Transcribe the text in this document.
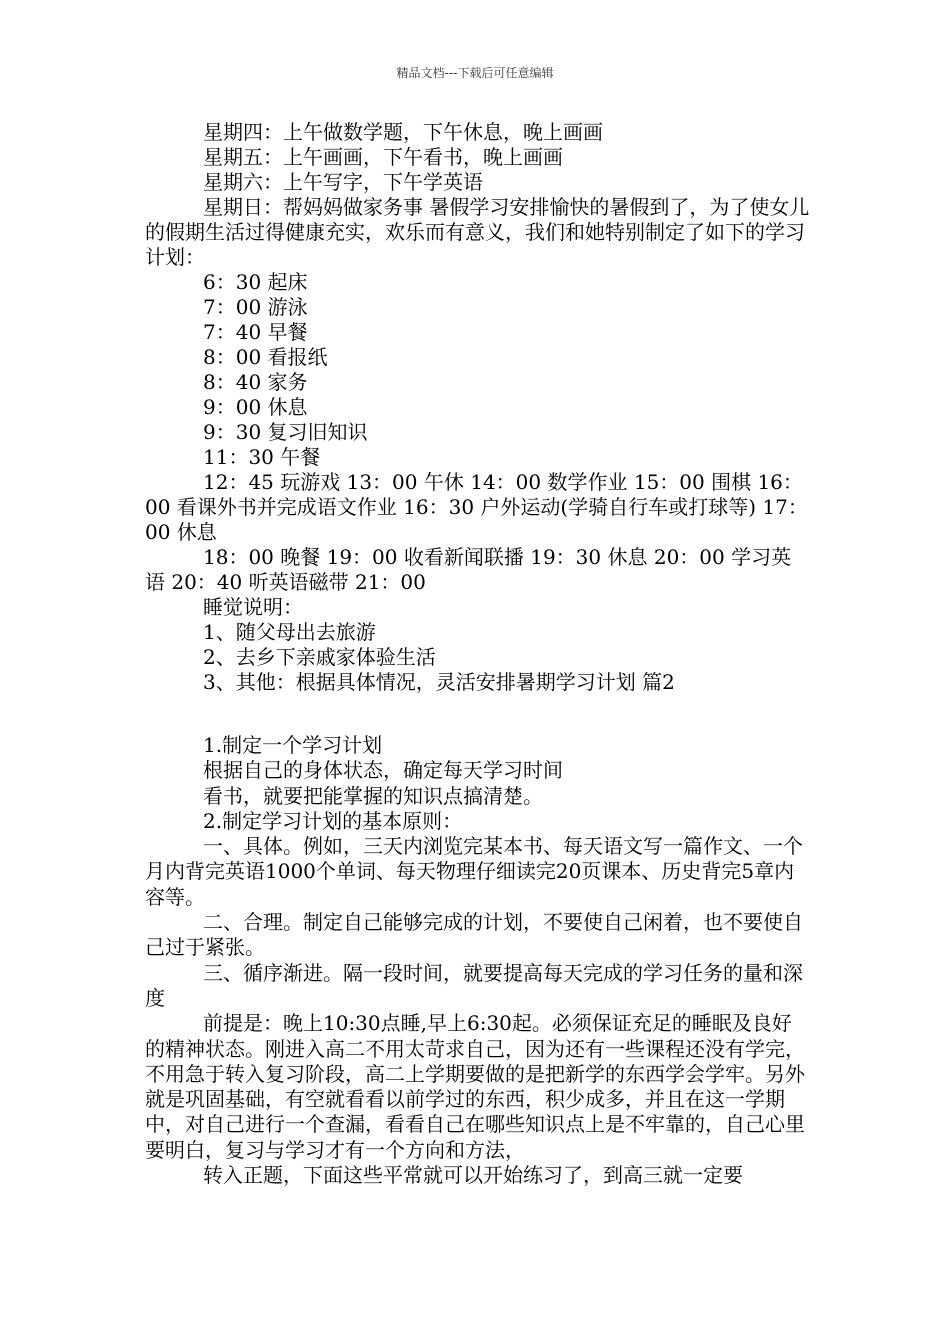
精品文档---下载后可任意编辑

星期四：上午做数学题，下午休息，晚上画画

星期五：上午画画，下午看书，晚上画画

星期六：上午写字，下午学英语

星期日：帮妈妈做家务事 暑假学习安排愉快的暑假到了，为了使女儿的假期生活过得健康充实，欢乐而有意义，我们和她特别制定了如下的学习计划：

6：30 起床

7：00 游泳

7：40 早餐

8：00 看报纸

8：40 家务

9：00 休息

9：30 复习旧知识

11：30 午餐

12：45 玩游戏 13：00 午休 14：00 数学作业 15：00 围棋 16：00 看课外书并完成语文作业 16：30 户外运动(学骑自行车或打球等) 17：00 休息

18：00 晚餐 19：00 收看新闻联播 19：30 休息 20：00 学习英语 20：40 听英语磁带 21：00

睡觉说明：

1、随父母出去旅游

2、去乡下亲戚家体验生活

3、其他：根据具体情况，灵活安排暑期学习计划 篇2

1.制定一个学习计划

根据自己的身体状态，确定每天学习时间

看书，就要把能掌握的知识点搞清楚。

2.制定学习计划的基本原则：

一、具体。例如，三天内浏览完某本书、每天语文写一篇作文、一个月内背完英语1000个单词、每天物理仔细读完20页课本、历史背完5章内容等。

二、合理。制定自己能够完成的计划，不要使自己闲着，也不要使自己过于紧张。

三、循序渐进。隔一段时间，就要提高每天完成的学习任务的量和深度

前提是：晚上10:30点睡,早上6:30起。必须保证充足的睡眠及良好的精神状态。刚进入高二不用太苛求自己，因为还有一些课程还没有学完，不用急于转入复习阶段，高二上学期要做的是把新学的东西学会学牢。另外就是巩固基础，有空就看看以前学过的东西，积少成多，并且在这一学期中，对自己进行一个查漏，看看自己在哪些知识点上是不牢靠的，自己心里要明白，复习与学习才有一个方向和方法，

转入正题，下面这些平常就可以开始练习了，到高三就一定要
